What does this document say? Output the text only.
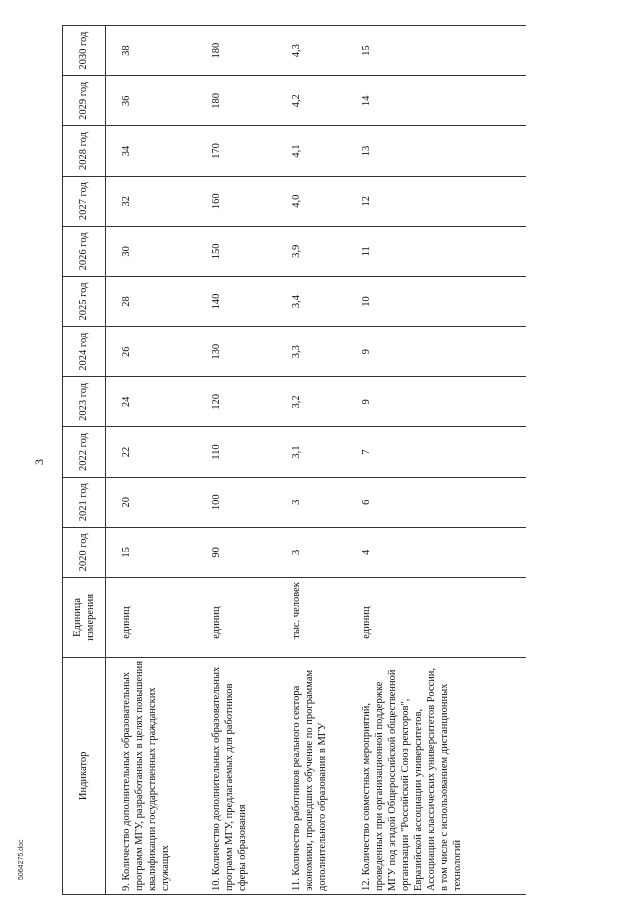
3
Индикатор	Единица измерения	2020 год	2021 год	2022 год	2023 год	2024 год	2025 год	2026 год	2027 год	2028 год	2029 год	2030 год
9. Количество дополнительных образовательных программ МГУ, разработанных в целях повышения квалификации государственных гражданских служащих	единиц	15	20	22	24	26	28	30	32	34	36	38
10. Количество дополнительных образовательных программ МГУ, предлагаемых для работников сферы образования	единиц	90	100	110	120	130	140	150	160	170	180	180
11. Количество работников реального сектора экономики, прошедших обучение по программам дополнительного образования в МГУ	тыс. человек	3	3	3,1	3,2	3,3	3,4	3,9	4,0	4,1	4,2	4,3
12. Количество совместных мероприятий, проведенных при организационной поддержке МГУ под эгидой Общероссийской общественной организации "Российский Союз ректоров", Евразийской ассоциации университетов, Ассоциации классических университетов России, в том числе с использованием дистанционных технологий	единиц	4	6	7	9	9	10	11	12	13	14	15
5064275.doc
